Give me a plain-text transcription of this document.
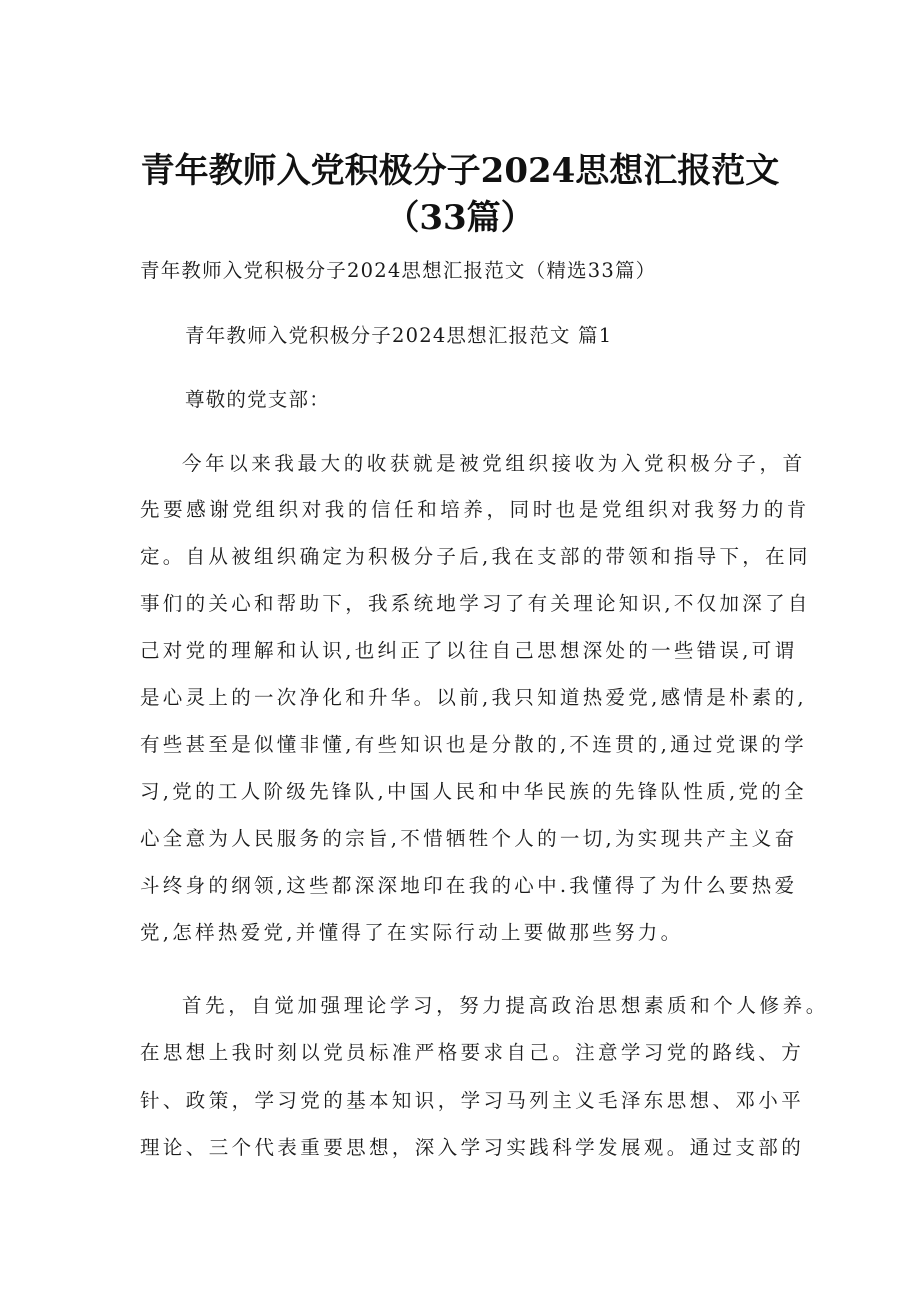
青年教师入党积极分子2024思想汇报范文
（33篇）
青年教师入党积极分子2024思想汇报范文（精选33篇）
青年教师入党积极分子2024思想汇报范文 篇1
尊敬的党支部：
今年以来我最大的收获就是被党组织接收为入党积极分子，首
先要感谢党组织对我的信任和培养，同时也是党组织对我努力的肯
定。自从被组织确定为积极分子后,我在支部的带领和指导下，在同
事们的关心和帮助下，我系统地学习了有关理论知识,不仅加深了自
己对党的理解和认识,也纠正了以往自己思想深处的一些错误,可谓
是心灵上的一次净化和升华。以前,我只知道热爱党,感情是朴素的,
有些甚至是似懂非懂,有些知识也是分散的,不连贯的,通过党课的学
习,党的工人阶级先锋队,中国人民和中华民族的先锋队性质,党的全
心全意为人民服务的宗旨,不惜牺牲个人的一切,为实现共产主义奋
斗终身的纲领,这些都深深地印在我的心中.我懂得了为什么要热爱
党,怎样热爱党,并懂得了在实际行动上要做那些努力。
首先，自觉加强理论学习，努力提高政治思想素质和个人修养。
在思想上我时刻以党员标准严格要求自己。注意学习党的路线、方
针、政策，学习党的基本知识，学习马列主义毛泽东思想、邓小平
理论、三个代表重要思想，深入学习实践科学发展观。通过支部的
